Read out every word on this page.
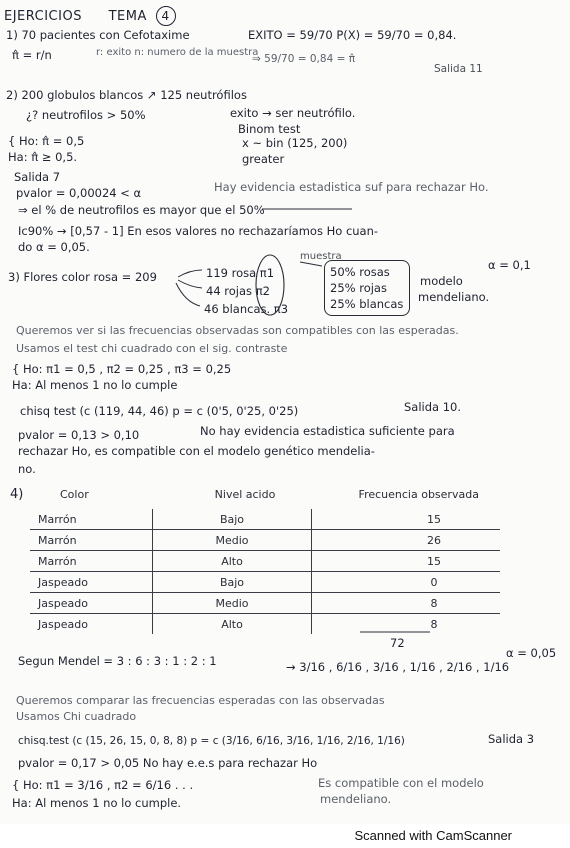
EJERCICIOS TEMA 4
1) 70 pacientes con Cefotaxime	EXITO = 59/70 P(X) = 59/70 = 0,84.
π̂ = r/n	r: exito n: numero de la muestra
⇒ 59/70 = 0,84 = π̂
Salida 11
2) 200 globulos blancos ↗ 125 neutrófilos
¿? neutrofilos > 50%	exito → ser neutrófilo.
Binom test
{ Ho: π̂ = 0,5	x ~ bin (125, 200)
Ha: π̂ ≥ 0,5.	greater
Salida 7
pvalor = 0,00024 < α	Hay evidencia estadistica suf para rechazar Ho.
⇒ el % de neutrofilos es mayor que el 50%
Ic90% → [0,57 - 1] En esos valores no rechazaríamos Ho cuan-
do α = 0,05.
muestra
α = 0,1
3) Flores color rosa = 209	119 rosa π1
44 rojas π2
46 blancas. π3
50% rosas
25% rojas
25% blancas
modelo
mendeliano.
Queremos ver si las frecuencias observadas son compatibles con las esperadas.
Usamos el test chi cuadrado con el sig. contraste
{ Ho: π1 = 0,5 , π2 = 0,25 , π3 = 0,25
Ha: Al menos 1 no lo cumple
chisq test (c (119, 44, 46) p = c (0'5, 0'25, 0'25)	Salida 10.
pvalor = 0,13 > 0,10	No hay evidencia estadistica suficiente para
rechazar Ho, es compatible con el modelo genético mendelia-
no.
4)	Color	Nivel acido	Frecuencia observada
Marrón	Bajo	15
Marrón	Medio	26
Marrón	Alto	15
Jaspeado	Bajo	0
Jaspeado	Medio	8
Jaspeado	Alto	8
72
Segun Mendel = 3 : 6 : 3 : 1 : 2 : 1	→ 3/16 , 6/16 , 3/16 , 1/16 , 2/16 , 1/16
α = 0,05
Queremos comparar las frecuencias esperadas con las observadas
Usamos Chi cuadrado
chisq.test (c (15, 26, 15, 0, 8, 8) p = c (3/16, 6/16, 3/16, 1/16, 2/16, 1/16)	Salida 3
pvalor = 0,17 > 0,05 No hay e.e.s para rechazar Ho
{ Ho: π1 = 3/16 , π2 = 6/16 . . .	Es compatible con el modelo
Ha: Al menos 1 no lo cumple.	mendeliano.
Scanned with CamScanner
